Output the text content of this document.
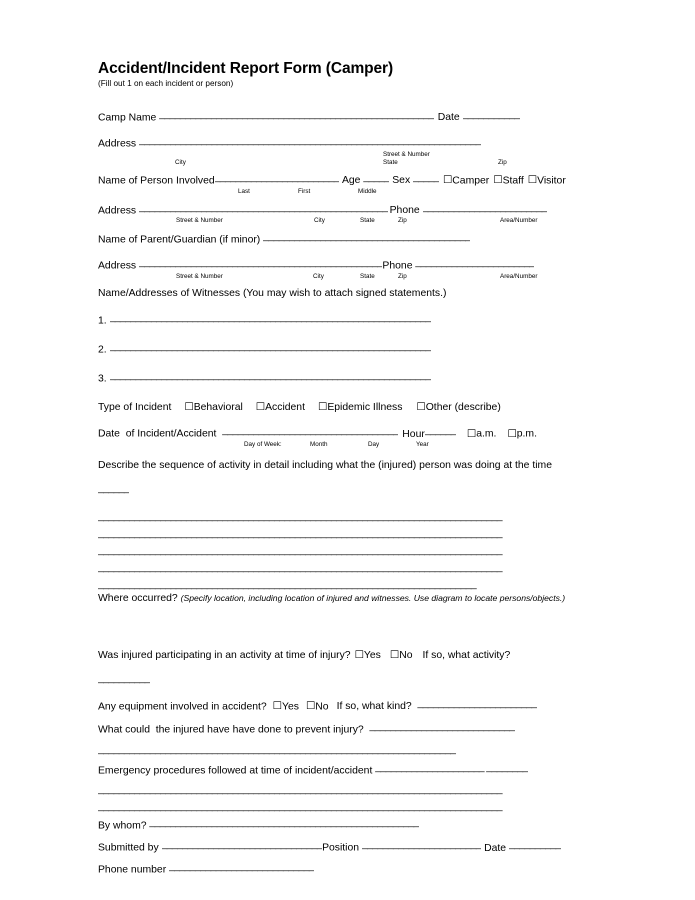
Accident/Incident Report Form (Camper)
(Fill out 1 on each incident or person)
Camp Name _____________________________________________________ Date ___________
Address __________________________________________________________________
Street & Number
City	State	Zip
Name of Person Involved________________________ Age _____ Sex _____ ☐Camper ☐Staff ☐Visitor
Last	First	Middle
Address ________________________________________________ Phone ________________________
Street & Number	City	State	Zip	Area/Number
Name of Parent/Guardian (if minor) ________________________________________
Address _______________________________________________Phone _______________________
Street & Number	City	State	Zip	Area/Number
Name/Addresses of Witnesses (You may wish to attach signed statements.)
1. ______________________________________________________________
2. ______________________________________________________________
3. ______________________________________________________________
Type of Incident ☐Behavioral ☐Accident ☐Epidemic Illness ☐Other (describe)
Date  of Incident/Accident  __________________________________ Hour______ ☐a.m. ☐p.m.
Day of Week:	Month	Day	Year
Describe the sequence of activity in detail including what the (injured) person was doing at the time
______
______________________________________________________________________________
______________________________________________________________________________
______________________________________________________________________________
______________________________________________________________________________
_________________________________________________________________________
Where occurred? (Specify location, including location of injured and witnesses. Use diagram to locate persons/objects.)
Was injured participating in an activity at time of injury? ☐Yes ☐No If so, what activity?
__________
Any equipment involved in accident? ☐Yes ☐No If so, what kind?  _______________________
What could  the injured have have done to prevent injury?  ____________________________
_____________________________________________________________________
Emergency procedures followed at time of incident/accident _____________________ ________
______________________________________________________________________________
______________________________________________________________________________
By whom? ____________________________________________________
Submitted by _______________________________Position _______________________ Date __________
Phone number ____________________________
